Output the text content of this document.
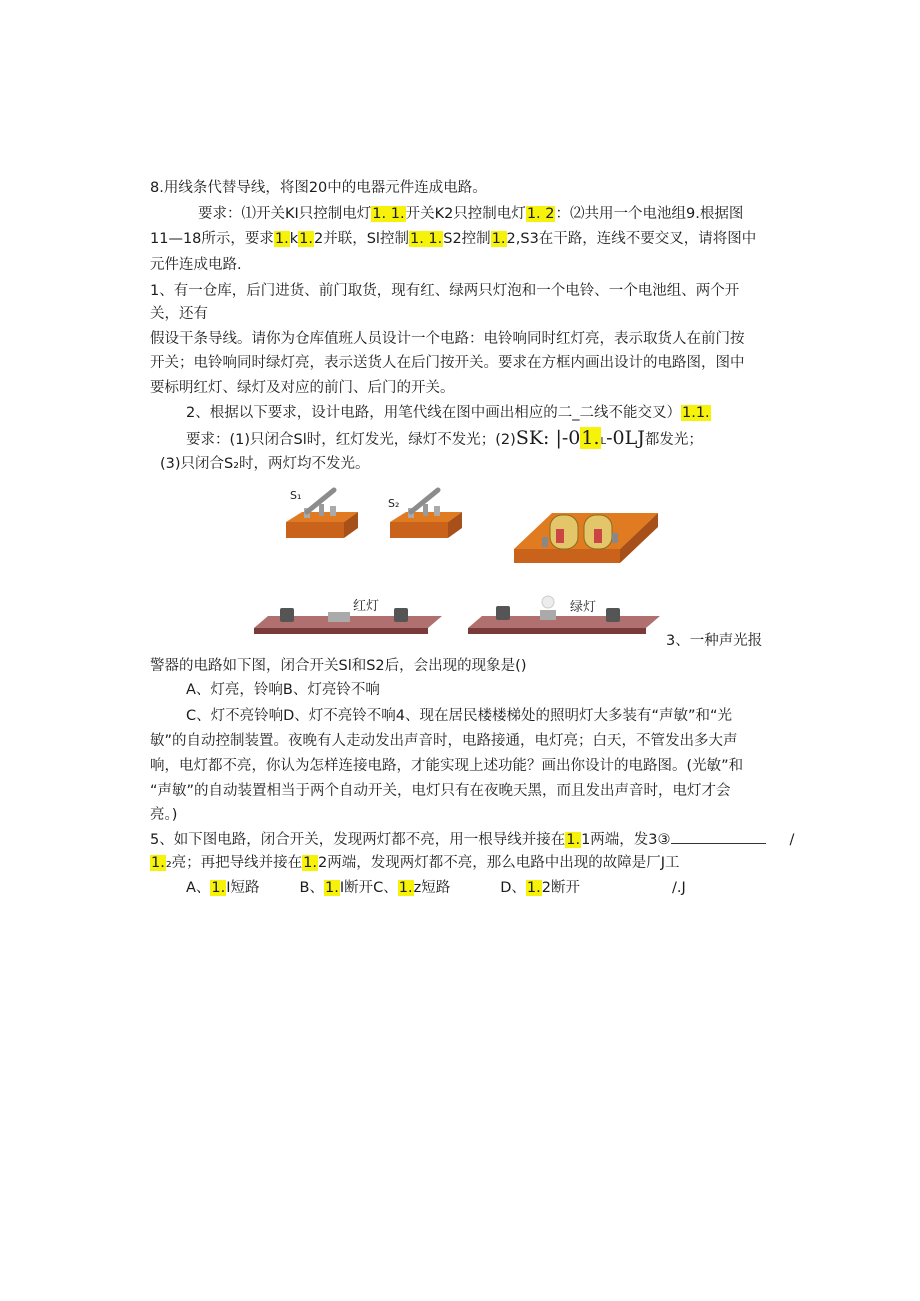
8.用线条代替导线，将图20中的电器元件连成电路。
要求：⑴开关KI只控制电灯1. 1.开关K2只控制电灯1. 2：⑵共用一个电池组9.根据图
11—18所示，要求1.k1.2并联，Sl控制1. 1.S2控制1.2,S3在干路，连线不要交叉，请将图中
元件连成电路.
1、有一仓库，后门进货、前门取货，现有红、绿两只灯泡和一个电铃、一个电池组、两个开
关，还有
假设干条导线。请你为仓库值班人员设计一个电路：电铃响同时红灯亮，表示取货人在前门按
开关；电铃响同时绿灯亮，表示送货人在后门按开关。要求在方框内画出设计的电路图，图中
要标明红灯、绿灯及对应的前门、后门的开关。
2、根据以下要求，设计电路，用笔代线在图中画出相应的二_二线不能交叉）1.1.
要求：(1)只闭合Sl时，红灯发光，绿灯不发光；(2)SK: |-01.L-0LJ都发光；
(3)只闭合S₂时，两灯均不发光。
S₁
S₂
红灯	绿灯
3、一种声光报
警器的电路如下图，闭合开关Sl和S2后，会出现的现象是()
A、灯亮，铃响B、灯亮铃不响
C、灯不亮铃响D、灯不亮铃不响4、现在居民楼楼梯处的照明灯大多装有“声敏”和“光
敏”的自动控制装置。夜晚有人走动发出声音时，电路接通，电灯亮；白天，不管发出多大声
响，电灯都不亮，你认为怎样连接电路，才能实现上述功能？画出你设计的电路图。(光敏”和
“声敏”的自动装置相当于两个自动开关，电灯只有在夜晚天黑，而且发出声音时，电灯才会
亮。)
5、如下图电路，闭合开关，发现两灯都不亮，用一根导线并接在1.1两端，发3③	/
1.₂亮；再把导线并接在1.2两端，发现两灯都不亮，那么电路中出现的故障是厂J工
A、1.I短路	B、1.I断开C、1.z短路	D、1.2断开	/.J
